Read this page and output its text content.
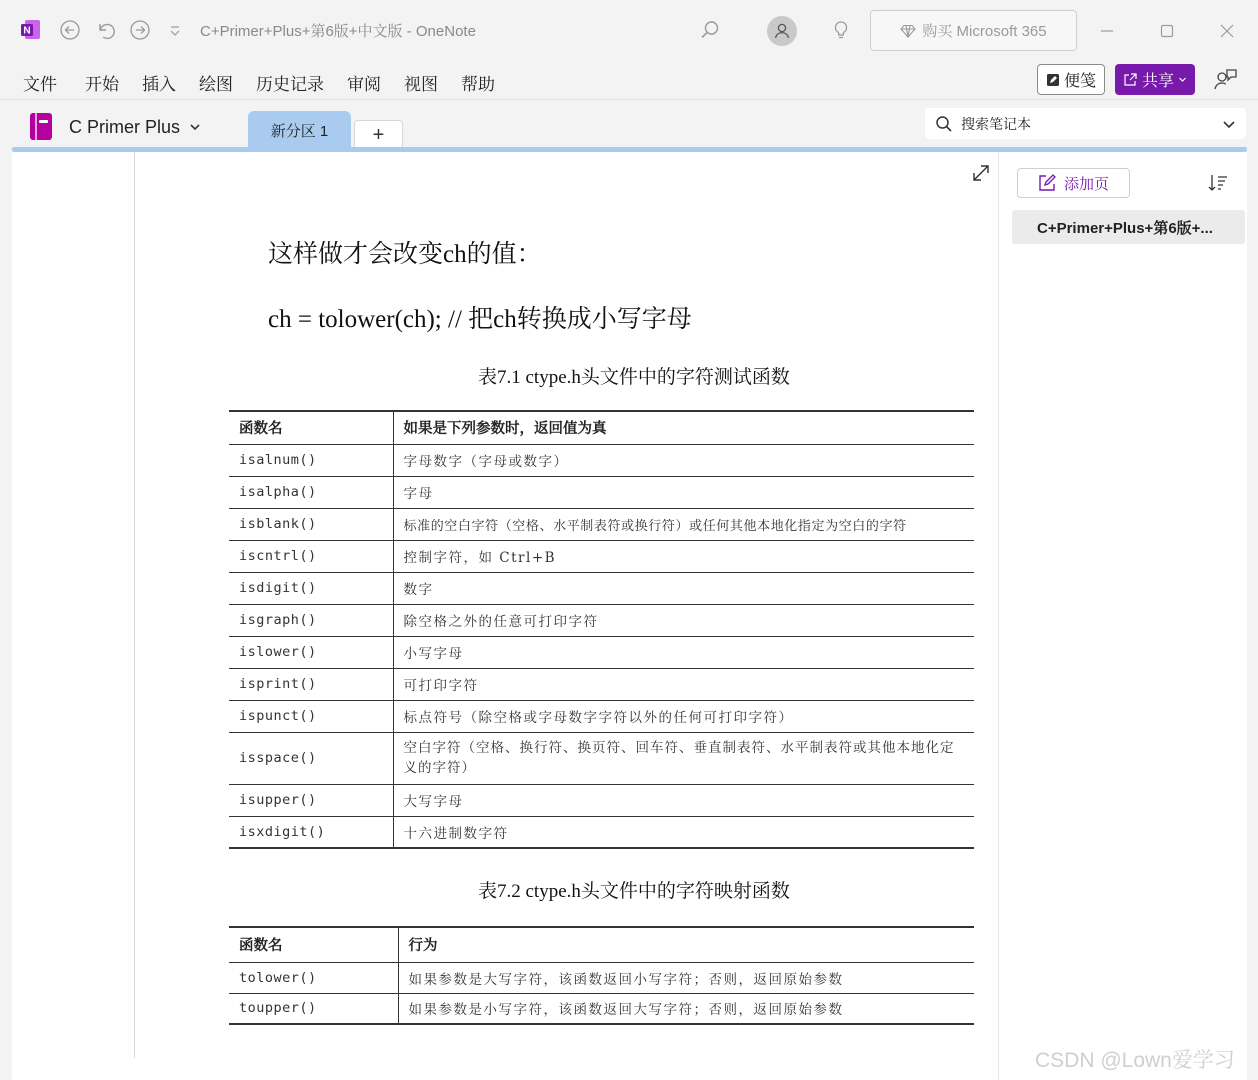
N	C+Primer+Plus+第6版+中文版 - OneNote	购买 Microsoft 365
文件 开始 插入 绘图 历史记录 审阅 视图 帮助	便笺	共享
C Primer Plus	新分区 1	+
搜索笔记本
这样做才会改变ch的值：
ch = tolower(ch); // 把ch转换成小写字母
表7.1 ctype.h头文件中的字符测试函数
函数名	如果是下列参数时，返回值为真
isalnum()	字母数字（字母或数字）
isalpha()	字母
isblank()	标准的空白字符（空格、水平制表符或换行符）或任何其他本地化指定为空白的字符
iscntrl()	控制字符，如 Ctrl+B
isdigit()	数字
isgraph()	除空格之外的任意可打印字符
islower()	小写字母
isprint()	可打印字符
ispunct()	标点符号（除空格或字母数字字符以外的任何可打印字符）
isspace()	空白字符（空格、换行符、换页符、回车符、垂直制表符、水平制表符或其他本地化定义的字符）
isupper()	大写字母
isxdigit()	十六进制数字符
表7.2 ctype.h头文件中的字符映射函数
函数名	行为
tolower()	如果参数是大写字符，该函数返回小写字符；否则，返回原始参数
toupper()	如果参数是小写字符，该函数返回大写字符；否则，返回原始参数
添加页
C+Primer+Plus+第6版+...
CSDN @Lown爱学习
